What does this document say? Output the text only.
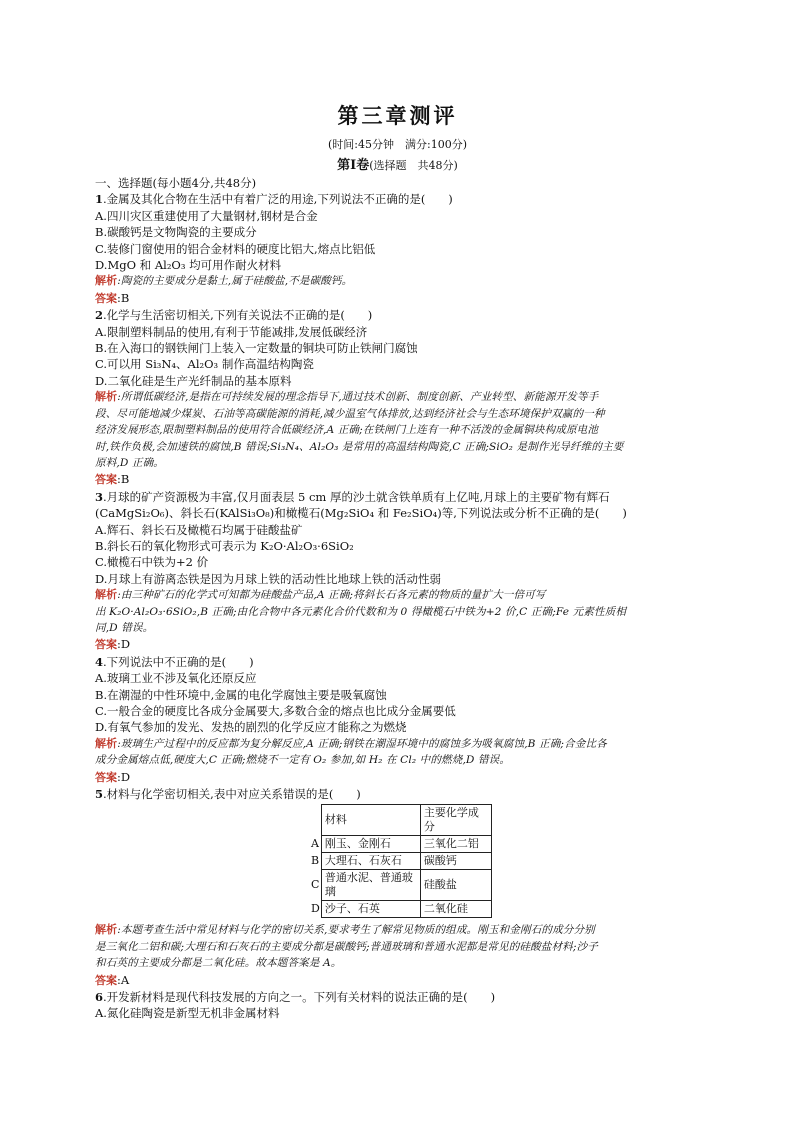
第三章测评
(时间:45分钟　满分:100分)
第Ⅰ卷(选择题　共48分)
一、选择题(每小题4分,共48分)
1.金属及其化合物在生活中有着广泛的用途,下列说法不正确的是(　　)
A.四川灾区重建使用了大量钢材,钢材是合金
B.碳酸钙是文物陶瓷的主要成分
C.装修门窗使用的铝合金材料的硬度比铝大,熔点比铝低
D.MgO 和 Al₂O₃ 均可用作耐火材料
解析:陶瓷的主要成分是黏土,属于硅酸盐,不是碳酸钙。
答案:B
2.化学与生活密切相关,下列有关说法不正确的是(　　)
A.限制塑料制品的使用,有利于节能减排,发展低碳经济
B.在入海口的钢铁闸门上装入一定数量的铜块可防止铁闸门腐蚀
C.可以用 Si₃N₄、Al₂O₃ 制作高温结构陶瓷
D.二氧化硅是生产光纤制品的基本原料
解析:所谓低碳经济,是指在可持续发展的理念指导下,通过技术创新、制度创新、产业转型、新能源开发等手
段、尽可能地减少煤炭、石油等高碳能源的消耗,减少温室气体排放,达到经济社会与生态环境保护双赢的一种
经济发展形态,限制塑料制品的使用符合低碳经济,A 正确;在铁闸门上连有一种不活泼的金属铜块构成原电池
时,铁作负极,会加速铁的腐蚀,B 错误;Si₃N₄、Al₂O₃ 是常用的高温结构陶瓷,C 正确;SiO₂ 是制作光导纤维的主要
原料,D 正确。
答案:B
3.月球的矿产资源极为丰富,仅月面表层 5 cm 厚的沙土就含铁单质有上亿吨,月球上的主要矿物有辉石
(CaMgSi₂O₆)、斜长石(KAlSi₃O₈)和橄榄石(Mg₂SiO₄ 和 Fe₂SiO₄)等,下列说法或分析不正确的是(　　)
A.辉石、斜长石及橄榄石均属于硅酸盐矿
B.斜长石的氧化物形式可表示为 K₂O·Al₂O₃·6SiO₂
C.橄榄石中铁为+2 价
D.月球上有游离态铁是因为月球上铁的活动性比地球上铁的活动性弱
解析:由三种矿石的化学式可知都为硅酸盐产品,A 正确;将斜长石各元素的物质的量扩大一倍可写
出 K₂O·Al₂O₃·6SiO₂,B 正确;由化合物中各元素化合价代数和为 0 得橄榄石中铁为+2 价,C 正确;Fe 元素性质相
同,D 错误。
答案:D
4.下列说法中不正确的是(　　)
A.玻璃工业不涉及氧化还原反应
B.在潮湿的中性环境中,金属的电化学腐蚀主要是吸氧腐蚀
C.一般合金的硬度比各成分金属要大,多数合金的熔点也比成分金属要低
D.有氧气参加的发光、发热的剧烈的化学反应才能称之为燃烧
解析:玻璃生产过程中的反应都为复分解反应,A 正确;钢铁在潮湿环境中的腐蚀多为吸氧腐蚀,B 正确;合金比各
成分金属熔点低,硬度大,C 正确;燃烧不一定有 O₂ 参加,如 H₂ 在 Cl₂ 中的燃烧,D 错误。
答案:D
5.材料与化学密切相关,表中对应关系错误的是(　　)
	材料	主要化学成分
A	刚玉、金刚石	三氧化二铝
B	大理石、石灰石	碳酸钙
C	普通水泥、普通玻璃	硅酸盐
D	沙子、石英	二氧化硅
解析:本题考查生活中常见材料与化学的密切关系,要求考生了解常见物质的组成。刚玉和金刚石的成分分别
是三氧化二铝和碳;大理石和石灰石的主要成分都是碳酸钙;普通玻璃和普通水泥都是常见的硅酸盐材料;沙子
和石英的主要成分都是二氧化硅。故本题答案是 A。
答案:A
6.开发新材料是现代科技发展的方向之一。下列有关材料的说法正确的是(　　)
A.氮化硅陶瓷是新型无机非金属材料
